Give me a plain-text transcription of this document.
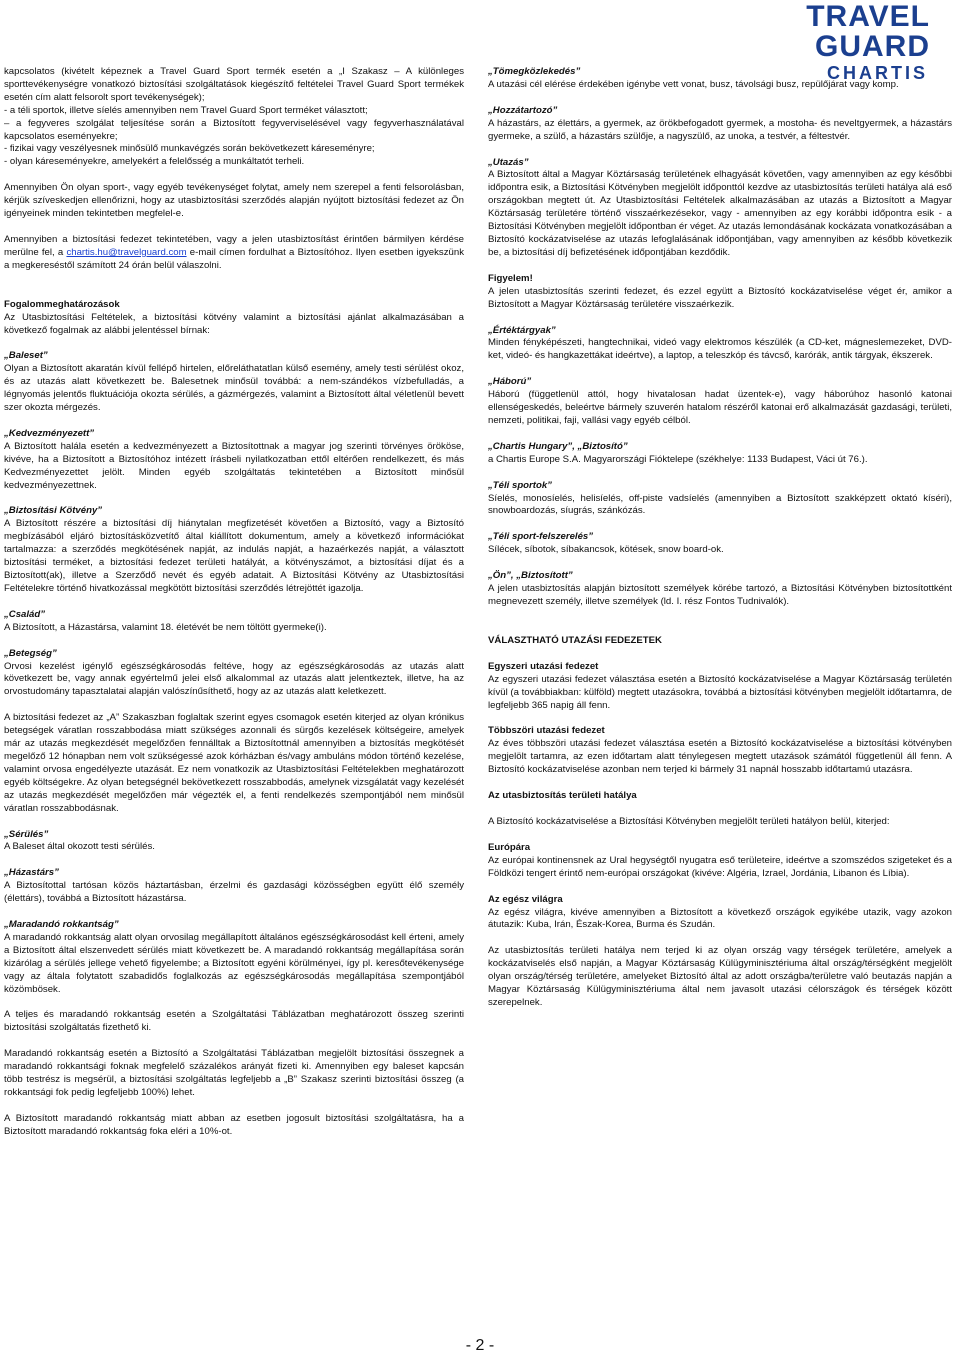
TRAVEL GUARD
CHARTIS

kapcsolatos (kivételt képeznek a Travel Guard Sport termék esetén a „I Szakasz – A különleges sporttevékenységre vonatkozó biztosítási szolgáltatások kiegészítő feltételei Travel Guard Sport termékek esetén cím alatt felsorolt sport tevékenységek);

- a téli sportok, illetve síelés amennyiben nem Travel Guard Sport terméket választott;

– a fegyveres szolgálat teljesítése során a Biztosított fegyverviselésével vagy fegyverhasználatával kapcsolatos eseményekre;

- fizikai vagy veszélyesnek minősülő munkavégzés során bekövetkezett káreseményre;

- olyan káreseményekre, amelyekért a felelősség a munkáltatót terheli.

Amennyiben Ön olyan sport-, vagy egyéb tevékenységet folytat, amely nem szerepel a fenti felsorolásban, kérjük szíveskedjen ellenőrizni, hogy az utasbiztosítási szerződés alapján nyújtott biztosítási fedezet az Ön igényeinek minden tekintetben megfelel-e.

Amennyiben a biztosítási fedezet tekintetében, vagy a jelen utasbiztosítást érintően bármilyen kérdése merülne fel, a chartis.hu@travelguard.com e-mail címen fordulhat a Biztosítóhoz. Ilyen esetben igyekszünk a megkereséstől számított 24 órán belül válaszolni.

Fogalommeghatározások

Az Utasbiztosítási Feltételek, a biztosítási kötvény valamint a biztosítási ajánlat alkalmazásában a következő fogalmak az alábbi jelentéssel bírnak:

„Baleset”

Olyan a Biztosított akaratán kívül fellépő hirtelen, előreláthatatlan külső esemény, amely testi sérülést okoz, és az utazás alatt következett be. Balesetnek minősül továbbá: a nem-szándékos vízbefulladás, a légnyomás jelentős fluktuációja okozta sérülés, a gázmérgezés, valamint a Biztosított által véletlenül bevett szer okozta mérgezés.

„Kedvezményezett”

A Biztosított halála esetén a kedvezményezett a Biztosítottnak a magyar jog szerinti törvényes örököse, kivéve, ha a Biztosított a Biztosítóhoz intézett írásbeli nyilatkozatban ettől eltérően rendelkezett, és más Kedvezményezettet jelölt. Minden egyéb szolgáltatás tekintetében a Biztosított minősül kedvezményezettnek.

„Biztosítási Kötvény”

A Biztosított részére a biztosítási díj hiánytalan megfizetését követően a Biztosító, vagy a Biztosító megbízásából eljáró biztosításközvetítő által kiállított dokumentum, amely a következő információkat tartalmazza: a szerződés megkötésének napját, az indulás napját, a hazaérkezés napját, a választott biztosítási terméket, a biztosítási fedezet területi hatályát, a kötvényszámot, a biztosítási díjat és a Biztosított(ak), illetve a Szerződő nevét és egyéb adatait. A Biztosítási Kötvény az Utasbiztosítási Feltételekre történő hivatkozással megkötött biztosítási szerződés létrejöttét igazolja.

„Család”

A Biztosított, a Házastársa, valamint 18. életévét be nem töltött gyermeke(i).

„Betegség”

Orvosi kezelést igénylő egészségkárosodás feltéve, hogy az egészségkárosodás az utazás alatt következett be, vagy annak egyértelmű jelei első alkalommal az utazás alatt jelentkeztek, illetve, ha az orvostudomány tapasztalatai alapján valószínűsíthető, hogy az az utazás alatt keletkezett.

A biztosítási fedezet az „A” Szakaszban foglaltak szerint egyes csomagok esetén kiterjed az olyan krónikus betegségek váratlan rosszabbodása miatt szükséges azonnali és sürgős kezelések költségeire, amelyek már az utazás megkezdését megelőzően fennálltak a Biztosítottnál amennyiben a biztosítás megkötését megelőző 12 hónapban nem volt szükségessé azok kórházban és/vagy ambuláns módon történő kezelése, valamint orvosa engedélyezte utazását. Ez nem vonatkozik az Utasbiztosítási Feltételekben meghatározott egyéb költségekre. Az olyan betegségnél bekövetkezett rosszabbodás, amelynek vizsgálatát vagy kezelését az utazás megkezdését megelőzően már végezték el, a fenti rendelkezés szempontjából nem minősül váratlan rosszabbodásnak.

„Sérülés”

A Baleset által okozott testi sérülés.

„Házastárs”

A Biztosítottal tartósan közös háztartásban, érzelmi és gazdasági közösségben együtt élő személy (élettárs), továbbá a Biztosított házastársa.

„Maradandó rokkantság”

A maradandó rokkantság alatt olyan orvosilag megállapított általános egészségkárosodást kell érteni, amely a Biztosított által elszenvedett sérülés miatt következett be. A maradandó rokkantság megállapítása során kizárólag a sérülés jellege vehető figyelembe; a Biztosított egyéni körülményei, így pl. keresőtevékenysége vagy az általa folytatott szabadidős foglalkozás az egészségkárosodás megállapítása szempontjából közömbösek.

A teljes és maradandó rokkantság esetén a Szolgáltatási Táblázatban meghatározott összeg szerinti biztosítási szolgáltatás fizethető ki.

Maradandó rokkantság esetén a Biztosító a Szolgáltatási Táblázatban megjelölt biztosítási összegnek a maradandó rokkantsági foknak megfelelő százalékos arányát fizeti ki. Amennyiben egy baleset kapcsán több testrész is megsérül, a biztosítási szolgáltatás legfeljebb a „B” Szakasz szerinti biztosítási összeg (a rokkantsági fok pedig legfeljebb 100%) lehet.

A Biztosított maradandó rokkantság miatt abban az esetben jogosult biztosítási szolgáltatásra, ha a Biztosított maradandó rokkantság foka eléri a 10%-ot.

„Tömegközlekedés”

A utazási cél elérése érdekében igénybe vett vonat, busz, távolsági busz, repülőjárat vagy komp.

„Hozzátartozó”

A házastárs, az élettárs, a gyermek, az örökbefogadott gyermek, a mostoha- és neveltgyermek, a házastárs gyermeke, a szülő, a házastárs szülője, a nagyszülő, az unoka, a testvér, a féltestvér.

„Utazás”

A Biztosított által a Magyar Köztársaság területének elhagyását követően, vagy amennyiben az egy későbbi időpontra esik, a Biztosítási Kötvényben megjelölt időponttól kezdve az utasbiztosítás területi hatálya alá eső országokban megtett út. Az Utasbiztosítási Feltételek alkalmazásában az utazás a Biztosított a Magyar Köztársaság területére történő visszaérkezésekor, vagy - amennyiben az egy korábbi időpontra esik - a Biztosítási Kötvényben megjelölt időpontban ér véget. Az utazás lemondásának kockázata vonatkozásában a Biztosító kockázatviselése az utazás lefoglalásának időpontjában, vagy amennyiben az később következik be, a biztosítási díj befizetésének időpontjában kezdődik.

Figyelem!

A jelen utasbiztosítás szerinti fedezet, és ezzel együtt a Biztosító kockázatviselése véget ér, amikor a Biztosított a Magyar Köztársaság területére visszaérkezik.

„Értéktárgyak”

Minden fényképészeti, hangtechnikai, videó vagy elektromos készülék (a CD-ket, mágneslemezeket, DVD-ket, videó- és hangkazettákat ideértve), a laptop, a teleszkóp és távcső, karórák, antik tárgyak, ékszerek.

„Háború”

Háború (függetlenül attól, hogy hivatalosan hadat üzentek-e), vagy háborúhoz hasonló katonai ellenségeskedés, beleértve bármely szuverén hatalom részéről katonai erő alkalmazását gazdasági, területi, nemzeti, politikai, faji, vallási vagy egyéb célból.

„Chartis Hungary”, „Biztosító”

a Chartis Europe S.A. Magyarországi Fióktelepe (székhelye: 1133 Budapest, Váci út 76.).

„Téli sportok”

Síelés, monosíelés, helisíelés, off-piste vadsíelés (amennyiben a Biztosított szakképzett oktató kíséri), snowboardozás, síugrás, szánkózás.

„Téli sport-felszerelés”

Sílécek, síbotok, síbakancsok, kötések, snow board-ok.

„Ön”, „Biztosított”

A jelen utasbiztosítás alapján biztosított személyek körébe tartozó, a Biztosítási Kötvényben biztosítottként megnevezett személy, illetve személyek (ld. I. rész Fontos Tudnivalók).

VÁLASZTHATÓ UTAZÁSI FEDEZETEK

Egyszeri utazási fedezet

Az egyszeri utazási fedezet választása esetén a Biztosító kockázatviselése a Magyar Köztársaság területén kívül (a továbbiakban: külföld) megtett utazásokra, továbbá a biztosítási kötvényben megjelölt időtartamra, de legfeljebb 365 napig áll fenn.

Többszöri utazási fedezet

Az éves többszöri utazási fedezet választása esetén a Biztosító kockázatviselése a biztosítási kötvényben megjelölt tartamra, az ezen időtartam alatt ténylegesen megtett utazások számától függetlenül áll fenn. A Biztosító kockázatviselése azonban nem terjed ki bármely 31 napnál hosszabb időtartamú utazásra.

Az utasbiztosítás területi hatálya

A Biztosító kockázatviselése a Biztosítási Kötvényben megjelölt területi hatályon belül, kiterjed:

Európára

Az európai kontinensnek az Ural hegységtől nyugatra eső területeire, ideértve a szomszédos szigeteket és a Földközi tengert érintő nem-európai országokat (kivéve: Algéria, Izrael, Jordánia, Libanon és Líbia).

Az egész világra

Az egész világra, kivéve amennyiben a Biztosított a következő országok egyikébe utazik, vagy azokon átutazik: Kuba, Irán, Észak-Korea, Burma és Szudán.

Az utasbiztosítás területi hatálya nem terjed ki az olyan ország vagy térségek területére, amelyek a kockázatviselés első napján, a Magyar Köztársaság Külügyminisztériuma által ország/térségként megjelölt olyan ország/térség területére, amelyeket Biztosító által az adott országba/területre való beutazás napján a Magyar Köztársaság Külügyminisztériuma által nem javasolt utazási célországok és térségek között szerepelnek.

- 2 -
